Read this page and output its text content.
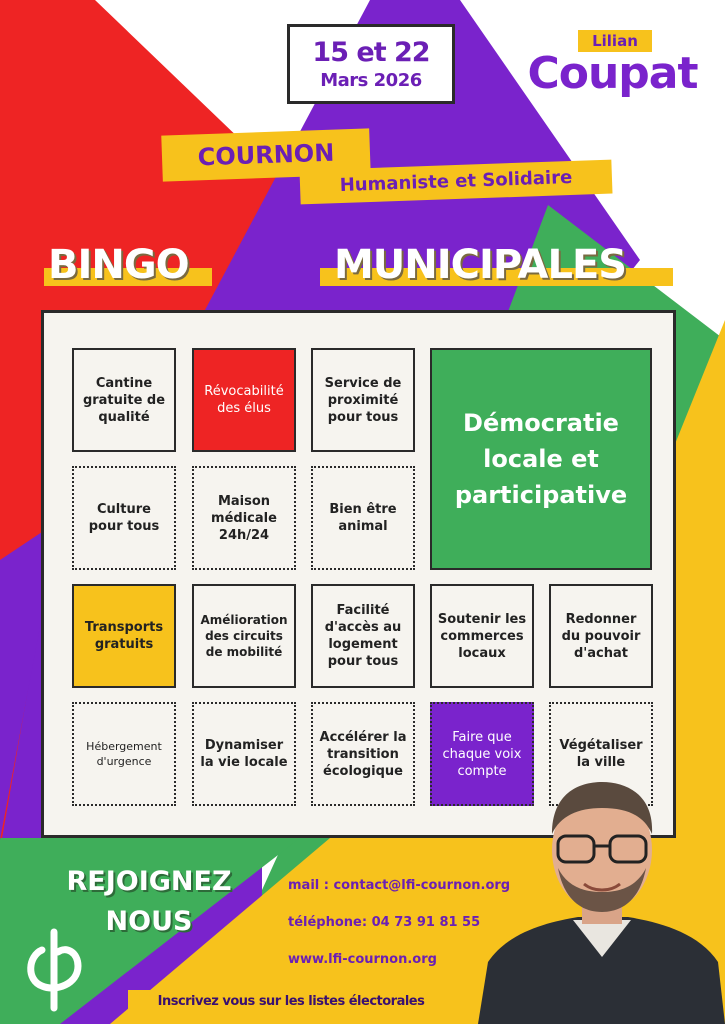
15 et 22
Mars 2026
Lilian
Coupat
COURNON
Humaniste et Solidaire
BINGO	MUNICIPALES
Cantine gratuite de qualité
Révocabilité des élus
Service de proximité pour tous	Démocratie locale et participative
Culture pour tous
Maison médicale 24h/24
Bien être animal
Transports gratuits
Amélioration des circuits de mobilité
Facilité d'accès au logement pour tous
Soutenir les commerces locaux
Redonner du pouvoir d'achat
Hébergement d'urgence
Dynamiser la vie locale
Accélérer la transition écologique
Faire que chaque voix compte
Végétaliser la ville
REJOIGNEZ
NOUS
mail : contact@lfi-cournon.org
téléphone: 04 73 91 81 55
www.lfi-cournon.org
Inscrivez vous sur les listes électorales
